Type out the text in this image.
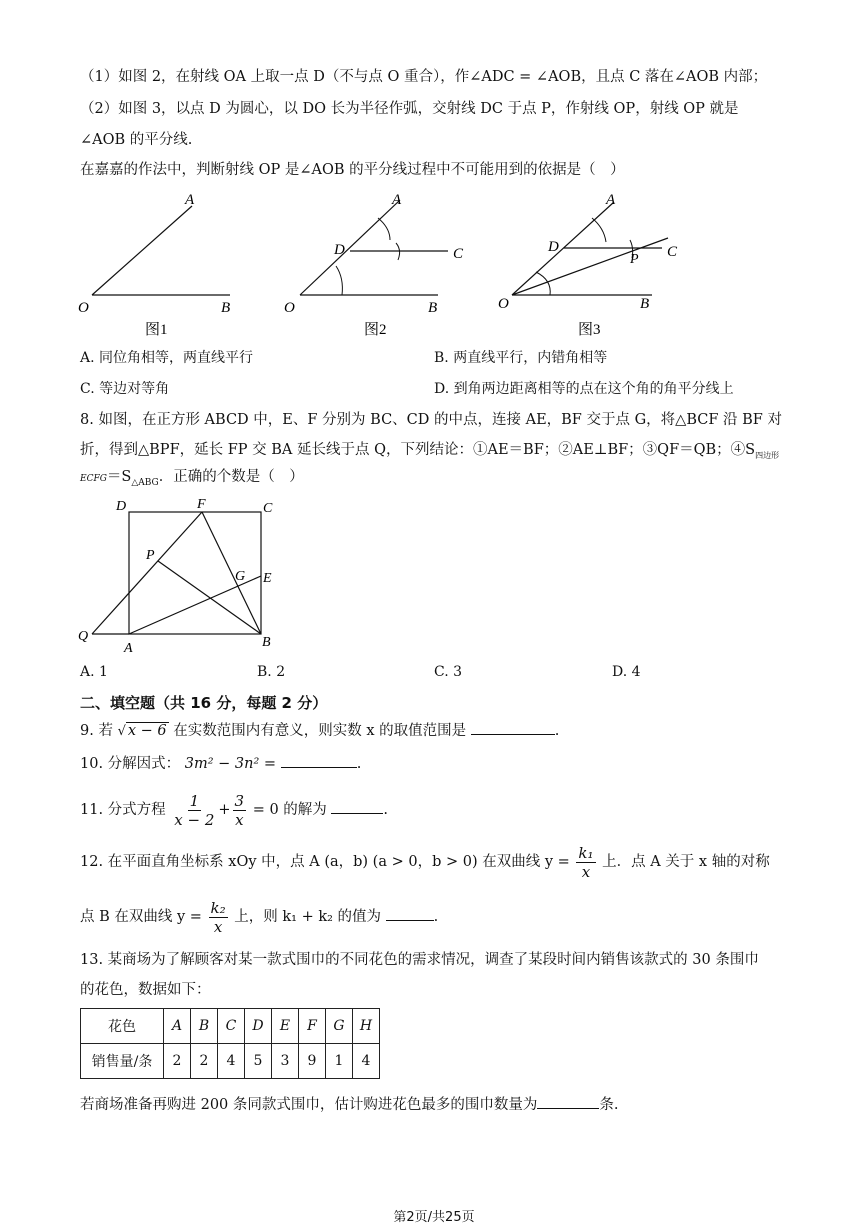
（1）如图 2，在射线 OA 上取一点 D（不与点 O 重合），作∠ADC = ∠AOB，且点 C 落在∠AOB 内部；
（2）如图 3，以点 D 为圆心，以 DO 长为半径作弧，交射线 DC 于点 P，作射线 OP，射线 OP 就是
∠AOB 的平分线.
在嘉嘉的作法中，判断射线 OP 是∠AOB 的平分线过程中不可能用到的依据是（　）
A
O	B
图1
A
D	C
O	B
图2
A
D
P C
O	B
图3
A. 同位角相等，两直线平行	B. 两直线平行，内错角相等
C. 等边对等角	D. 到角两边距离相等的点在这个角的角平分线上
8. 如图，在正方形 ABCD 中，E、F 分别为 BC、CD 的中点，连接 AE，BF 交于点 G，将△BCF 沿 BF 对
折，得到△BPF，延长 FP 交 BA 延长线于点 Q，下列结论：①AE＝BF；②AE⊥BF；③QF＝QB；$④S_{四边形}$
$ECFG=S_{\triangle ABG}$．正确的个数是（　）
D	F	C
P
G E
Q
A	B
A. 1	B. 2	C. 3	D. 4
二、填空题（共 16 分，每题 2 分）
9. 若 √ x − 6 在实数范围内有意义，则实数 x 的取值范围是	.
10. 分解因式： 3m² − 3n² =	.
11. 分式方程 $\frac{1}{x - 2} + \frac{3}{x} = 0$ 的解为	.
12. 在平面直角坐标系 xOy 中，点 A (a，b) (a > 0，b > 0) 在双曲线 $y = \frac{\text{k₁}}{x}$ 上．点 A 关于 x 轴的对称
点 B 在双曲线 $y = \frac{\text{k₂}}{x}$ 上，则 k₁ + k₂ 的值为	.
13. 某商场为了解顾客对某一款式围巾的不同花色的需求情况，调查了某段时间内销售该款式的 30 条围巾
的花色，数据如下：
花色	A	B	C	D	E	F	G	H
销售量/条	2	2	4	5	3	9	1	4
若商场准备再购进 200 条同款式围巾，估计购进花色最多的围巾数量为	条.
第2页/共25页
